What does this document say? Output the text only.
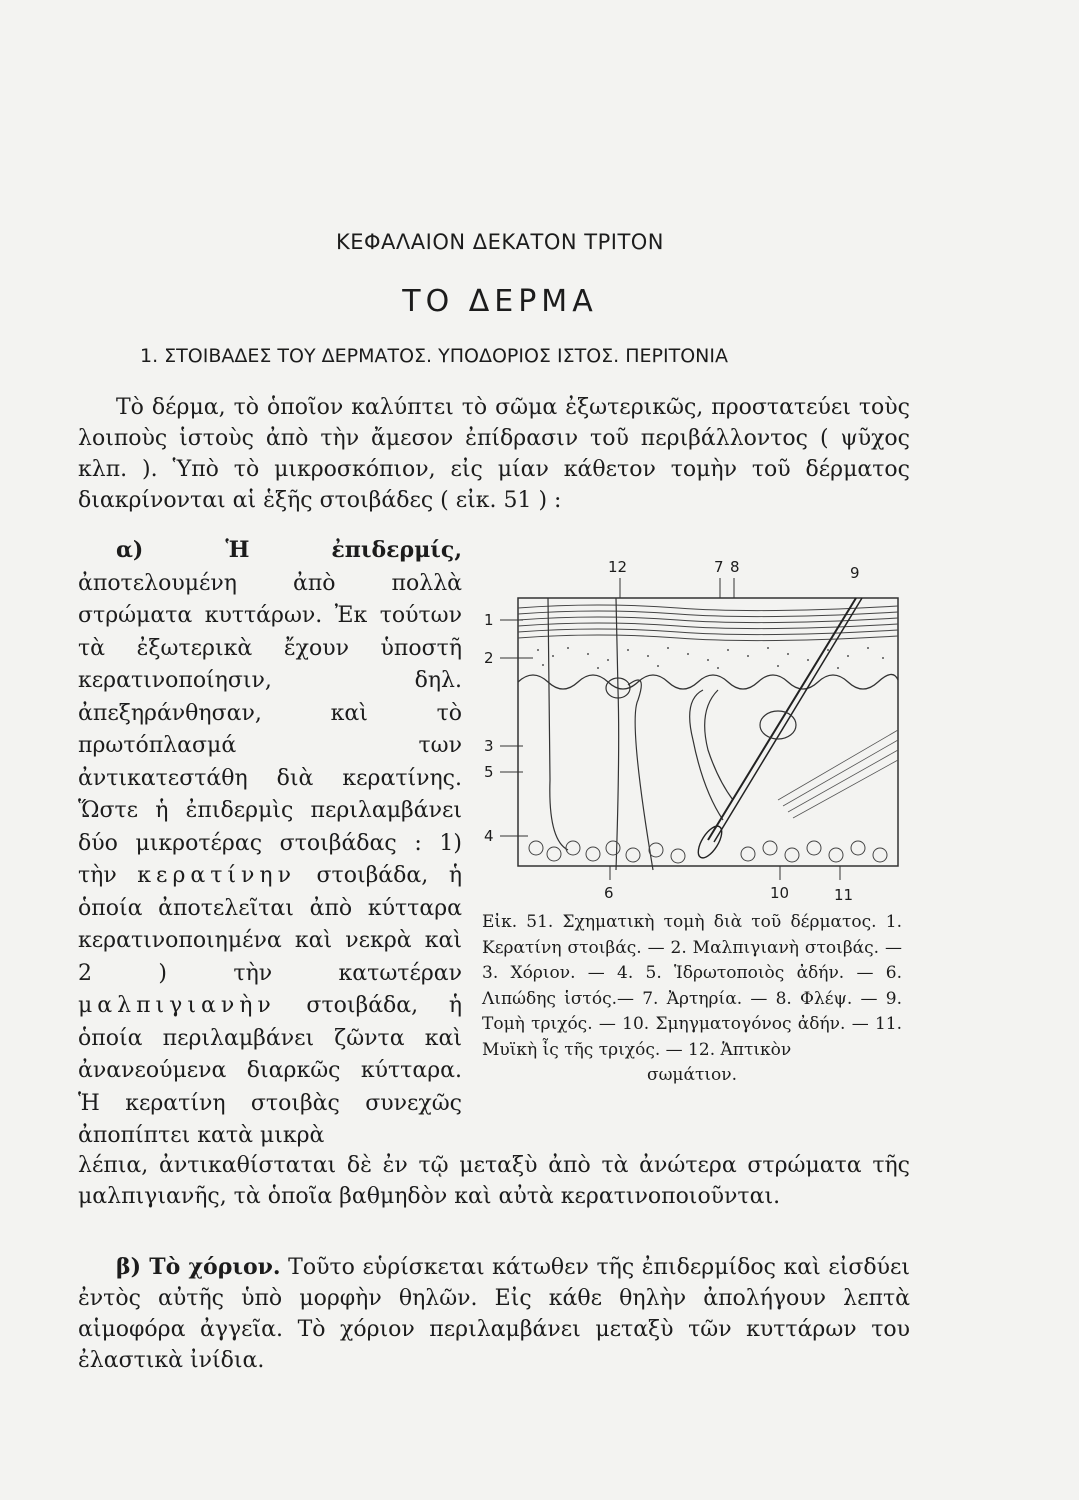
ΚΕΦΑΛΑΙΟΝ ΔΕΚΑΤΟΝ ΤΡΙΤΟΝ
ΤΟ ΔΕΡΜΑ
1. ΣΤΟΙΒΑΔΕΣ ΤΟΥ ΔΕΡΜΑΤΟΣ. ΥΠΟΔΟΡΙΟΣ ΙΣΤΟΣ. ΠΕΡΙΤΟΝΙΑ

Τὸ δέρμα, τὸ ὁποῖον καλύπτει τὸ σῶμα ἐξωτερικῶς, προστατεύει τοὺς λοιποὺς ἱστοὺς ἀπὸ τὴν ἄμεσον ἐπίδρασιν τοῦ περιβάλλοντος ( ψῦχος κλπ. ). Ὑπὸ τὸ μικροσκόπιον, εἰς μίαν κάθετον τομὴν τοῦ δέρματος διακρίνονται αἱ ἑξῆς στοιβάδες ( εἰκ. 51 ) :

α) Ἡ ἐπιδερμίς, ἀποτελουμένη ἀπὸ πολλὰ στρώματα κυττάρων. Ἐκ τούτων τὰ ἐξωτερικὰ ἔχουν ὑποστῆ κερατινοποίησιν, δηλ. ἀπεξηράνθησαν, καὶ τὸ πρωτόπλασμά των ἀντικατεστάθη διὰ κερατίνης. Ὥστε ἡ ἐπιδερμὶς περιλαμβάνει δύο μικροτέρας στοιβάδας : 1) τὴν κερατίνην στοιβάδα, ἡ ὁποία ἀποτελεῖται ἀπὸ κύτταρα κερατινοποιημένα καὶ νεκρὰ καὶ 2 ) τὴν κατωτέραν μαλπιγιανὴν στοιβάδα, ἡ ὁποία περιλαμβάνει ζῶντα καὶ ἀνανεούμενα διαρκῶς κύτταρα. Ἡ κερατίνη στοιβὰς συνεχῶς ἀποπίπτει κατὰ μικρὰ

12	7 8	9
1
2
3
5
4
6	10	11

Εἰκ. 51. Σχηματικὴ τομὴ διὰ τοῦ δέρματος. 1. Κερατίνη στοιβάς. — 2. Μαλπιγιανὴ στοιβάς. — 3. Χόριον. — 4. 5. Ἱδρωτοποιὸς ἀδήν. — 6. Λιπώδης ἱστός.— 7. Ἀρτηρία. — 8. Φλέψ. — 9. Τομὴ τριχός. — 10. Σμηγματογόνος ἀδήν. — 11. Μυϊκὴ ἶς τῆς τριχός. — 12. Ἁπτικὸν
σωμάτιον.

λέπια, ἀντικαθίσταται δὲ ἐν τῷ μεταξὺ ἀπὸ τὰ ἀνώτερα στρώματα τῆς μαλπιγιανῆς, τὰ ὁποῖα βαθμηδὸν καὶ αὐτὰ κερατινοποιοῦνται.

β) Τὸ χόριον. Τοῦτο εὑρίσκεται κάτωθεν τῆς ἐπιδερμίδος καὶ εἰσδύει ἐντὸς αὐτῆς ὑπὸ μορφὴν θηλῶν. Εἰς κάθε θηλὴν ἀπολήγουν λεπτὰ αἱμοφόρα ἀγγεῖα. Τὸ χόριον περιλαμβάνει μεταξὺ τῶν κυττάρων του ἐλαστικὰ ἰνίδια.
